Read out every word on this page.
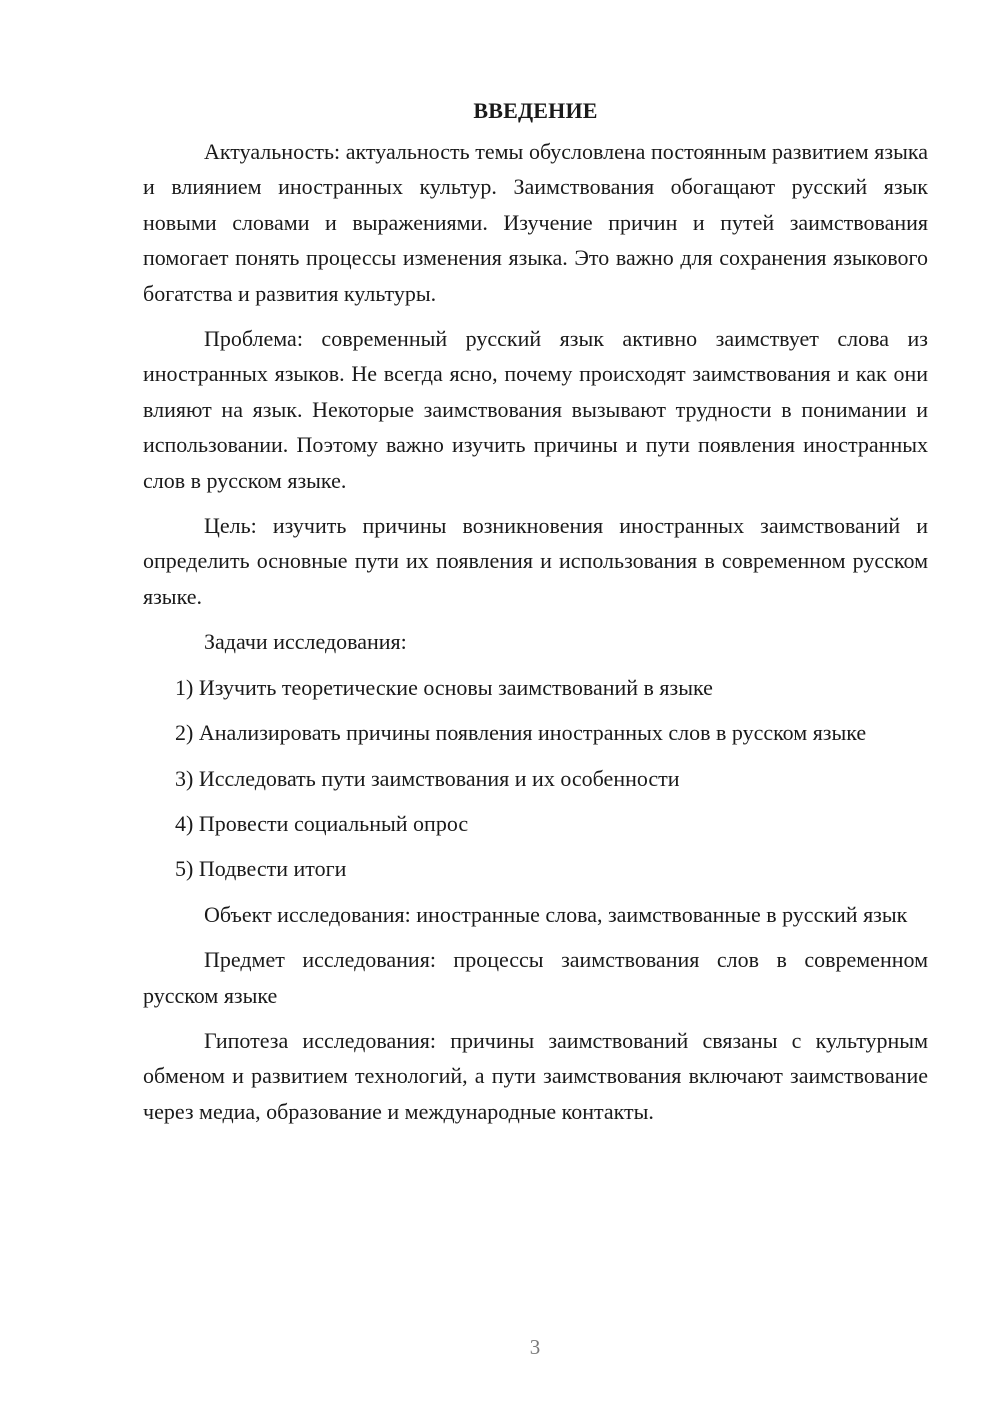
ВВЕДЕНИЕ

Актуальность: актуальность темы обусловлена постоянным развитием языка и влиянием иностранных культур. Заимствования обогащают русский язык новыми словами и выражениями. Изучение причин и путей заимствования помогает понять процессы изменения языка. Это важно для сохранения языкового богатства и развития культуры.

Проблема: современный русский язык активно заимствует слова из иностранных языков. Не всегда ясно, почему происходят заимствования и как они влияют на язык. Некоторые заимствования вызывают трудности в понимании и использовании. Поэтому важно изучить причины и пути появления иностранных слов в русском языке.

Цель: изучить причины возникновения иностранных заимствований и определить основные пути их появления и использования в современном русском языке.

Задачи исследования:

1) Изучить теоретические основы заимствований в языке

2) Анализировать причины появления иностранных слов в русском языке

3) Исследовать пути заимствования и их особенности

4) Провести социальный опрос

5) Подвести итоги

Объект исследования: иностранные слова, заимствованные в русский язык

Предмет исследования: процессы заимствования слов в современном русском языке

Гипотеза исследования: причины заимствований связаны с культурным обменом и развитием технологий, а пути заимствования включают заимствование через медиа, образование и международные контакты.

3
